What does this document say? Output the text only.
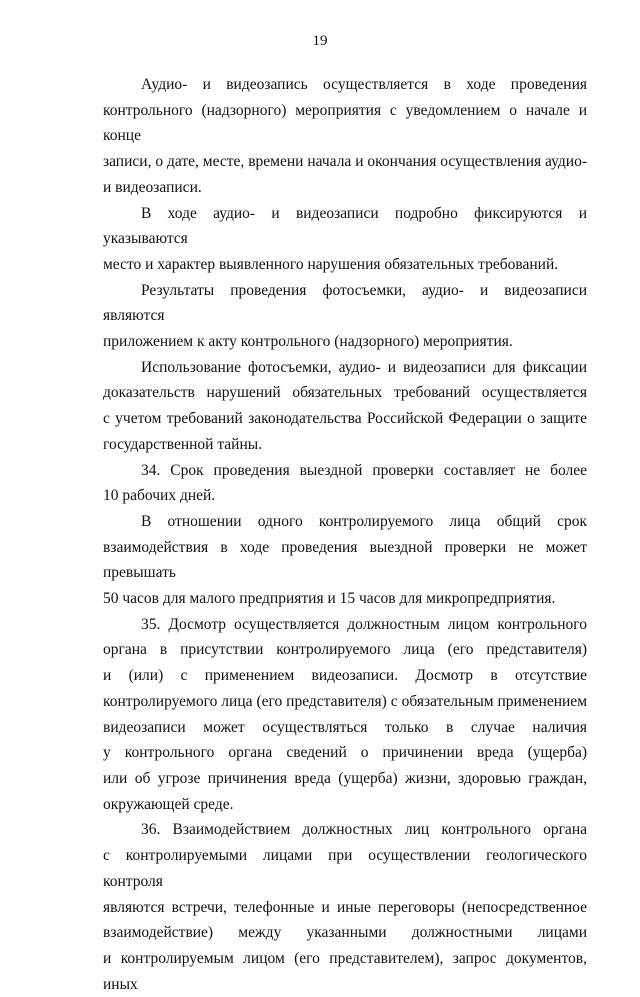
19
Аудио- и видеозапись осуществляется в ходе проведения
контрольного (надзорного) мероприятия с уведомлением о начале и конце
записи, о дате, месте, времени начала и окончания осуществления аудио-
и видеозаписи.
В ходе аудио- и видеозаписи подробно фиксируются и указываются
место и характер выявленного нарушения обязательных требований.
Результаты проведения фотосъемки, аудио- и видеозаписи являются
приложением к акту контрольного (надзорного) мероприятия.
Использование фотосъемки, аудио- и видеозаписи для фиксации
доказательств нарушений обязательных требований осуществляется
с учетом требований законодательства Российской Федерации о защите
государственной тайны.
34. Срок проведения выездной проверки составляет не более
10 рабочих дней.
В отношении одного контролируемого лица общий срок
взаимодействия в ходе проведения выездной проверки не может превышать
50 часов для малого предприятия и 15 часов для микропредприятия.
35. Досмотр осуществляется должностным лицом контрольного
органа в присутствии контролируемого лица (его представителя)
и (или) с применением видеозаписи. Досмотр в отсутствие
контролируемого лица (его представителя) с обязательным применением
видеозаписи может осуществляться только в случае наличия
у контрольного органа сведений о причинении вреда (ущерба)
или об угрозе причинения вреда (ущерба) жизни, здоровью граждан,
окружающей среде.
36. Взаимодействием должностных лиц контрольного органа
с контролируемыми лицами при осуществлении геологического контроля
являются встречи, телефонные и иные переговоры (непосредственное
взаимодействие) между указанными должностными лицами
и контролируемым лицом (его представителем), запрос документов, иных
